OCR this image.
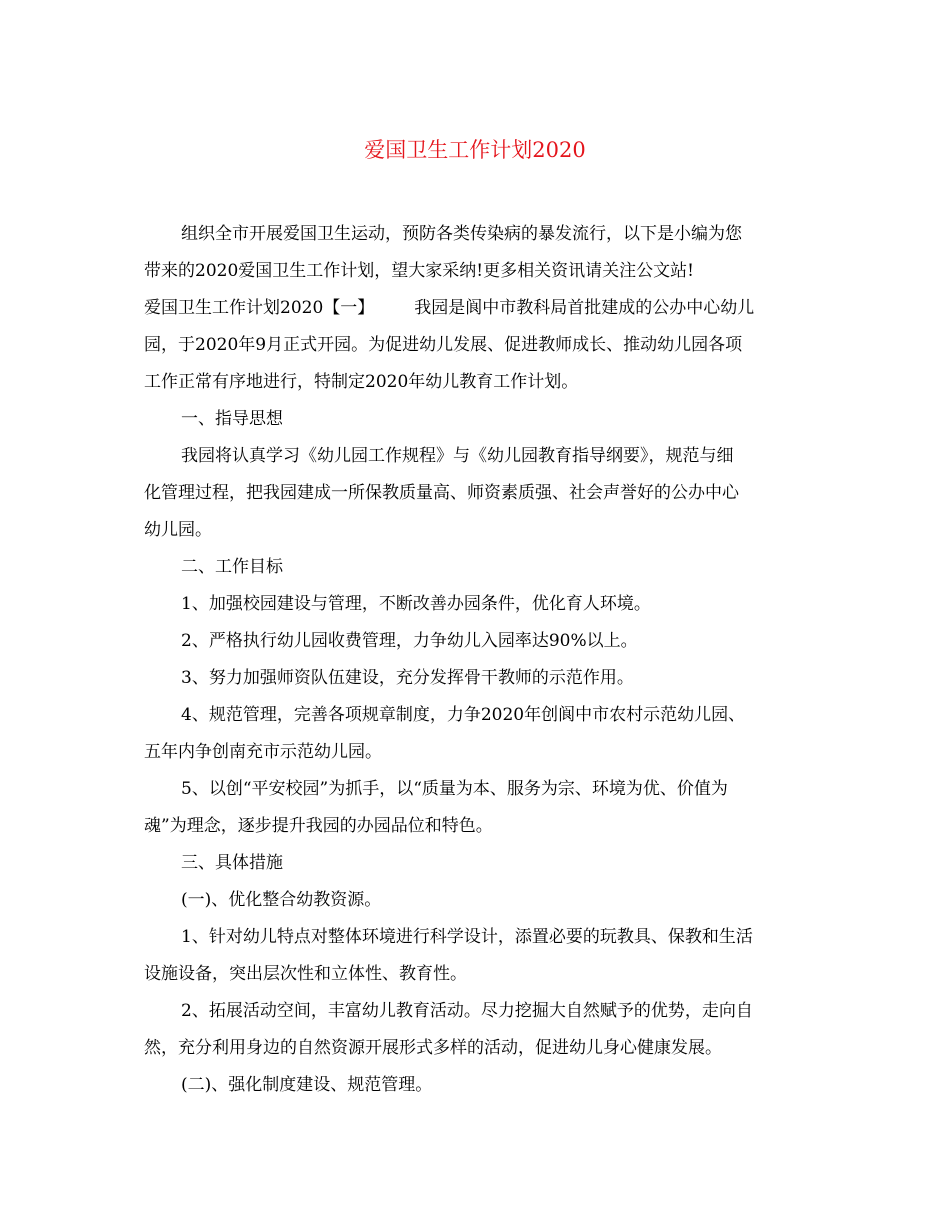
爱国卫生工作计划2020
组织全市开展爱国卫生运动，预防各类传染病的暴发流行，以下是小编为您
带来的2020爱国卫生工作计划，望大家采纳!更多相关资讯请关注公文站!
爱国卫生工作计划2020【一】 我园是阆中市教科局首批建成的公办中心幼儿
园，于2020年9月正式开园。为促进幼儿发展、促进教师成长、推动幼儿园各项
工作正常有序地进行，特制定2020年幼儿教育工作计划。
一、指导思想
我园将认真学习《幼儿园工作规程》与《幼儿园教育指导纲要》，规范与细
化管理过程，把我园建成一所保教质量高、师资素质强、社会声誉好的公办中心
幼儿园。
二、工作目标
1、加强校园建设与管理，不断改善办园条件，优化育人环境。
2、严格执行幼儿园收费管理，力争幼儿入园率达90%以上。
3、努力加强师资队伍建设，充分发挥骨干教师的示范作用。
4、规范管理，完善各项规章制度，力争2020年创阆中市农村示范幼儿园、
五年内争创南充市示范幼儿园。
5、以创“平安校园”为抓手，以“质量为本、服务为宗、环境为优、价值为
魂”为理念，逐步提升我园的办园品位和特色。
三、具体措施
(一)、优化整合幼教资源。
1、针对幼儿特点对整体环境进行科学设计，添置必要的玩教具、保教和生活
设施设备，突出层次性和立体性、教育性。
2、拓展活动空间，丰富幼儿教育活动。尽力挖掘大自然赋予的优势，走向自
然，充分利用身边的自然资源开展形式多样的活动，促进幼儿身心健康发展。
(二)、强化制度建设、规范管理。
